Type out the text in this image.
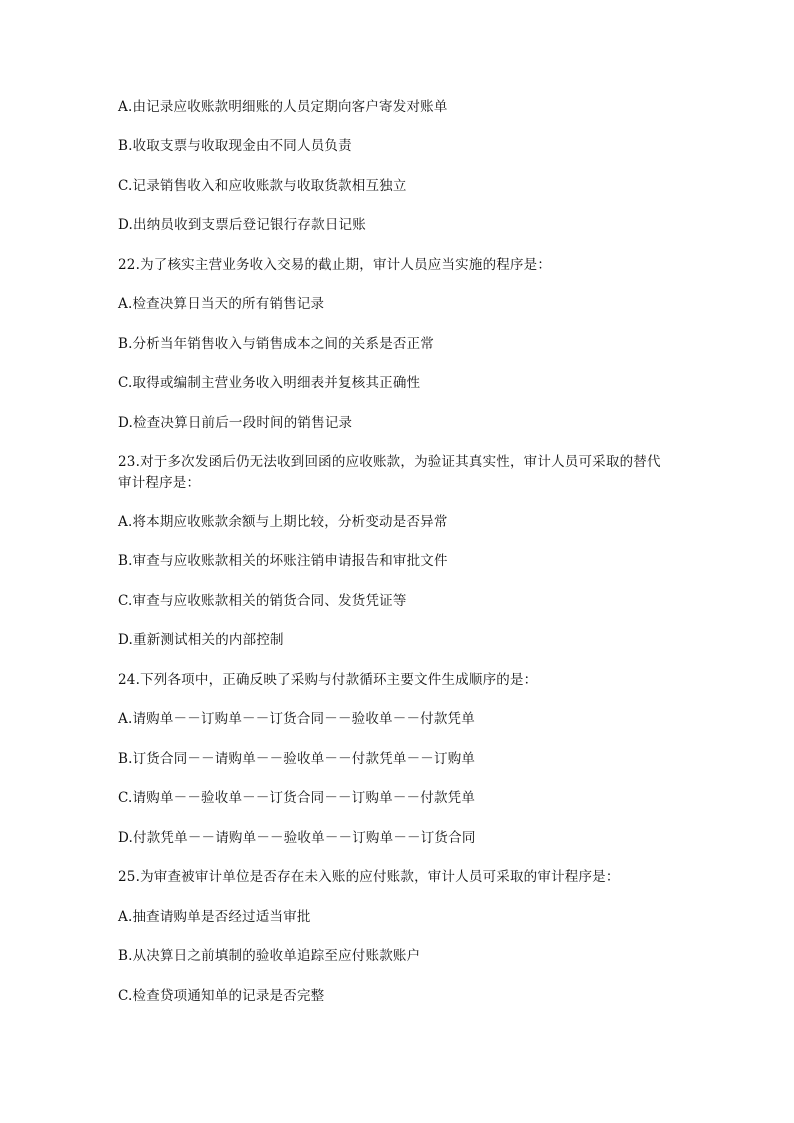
A.由记录应收账款明细账的人员定期向客户寄发对账单
B.收取支票与收取现金由不同人员负责
C.记录销售收入和应收账款与收取货款相互独立
D.出纳员收到支票后登记银行存款日记账
22.为了核实主营业务收入交易的截止期，审计人员应当实施的程序是：
A.检查决算日当天的所有销售记录
B.分析当年销售收入与销售成本之间的关系是否正常
C.取得或编制主营业务收入明细表并复核其正确性
D.检查决算日前后一段时间的销售记录
23.对于多次发函后仍无法收到回函的应收账款，为验证其真实性，审计人员可采取的替代
审计程序是：
A.将本期应收账款余额与上期比较，分析变动是否异常
B.审查与应收账款相关的坏账注销申请报告和审批文件
C.审查与应收账款相关的销货合同、发货凭证等
D.重新测试相关的内部控制
24.下列各项中，正确反映了采购与付款循环主要文件生成顺序的是：
A.请购单－－订购单－－订货合同－－验收单－－付款凭单
B.订货合同－－请购单－－验收单－－付款凭单－－订购单
C.请购单－－验收单－－订货合同－－订购单－－付款凭单
D.付款凭单－－请购单－－验收单－－订购单－－订货合同
25.为审查被审计单位是否存在未入账的应付账款，审计人员可采取的审计程序是：
A.抽查请购单是否经过适当审批
B.从决算日之前填制的验收单追踪至应付账款账户
C.检查贷项通知单的记录是否完整
